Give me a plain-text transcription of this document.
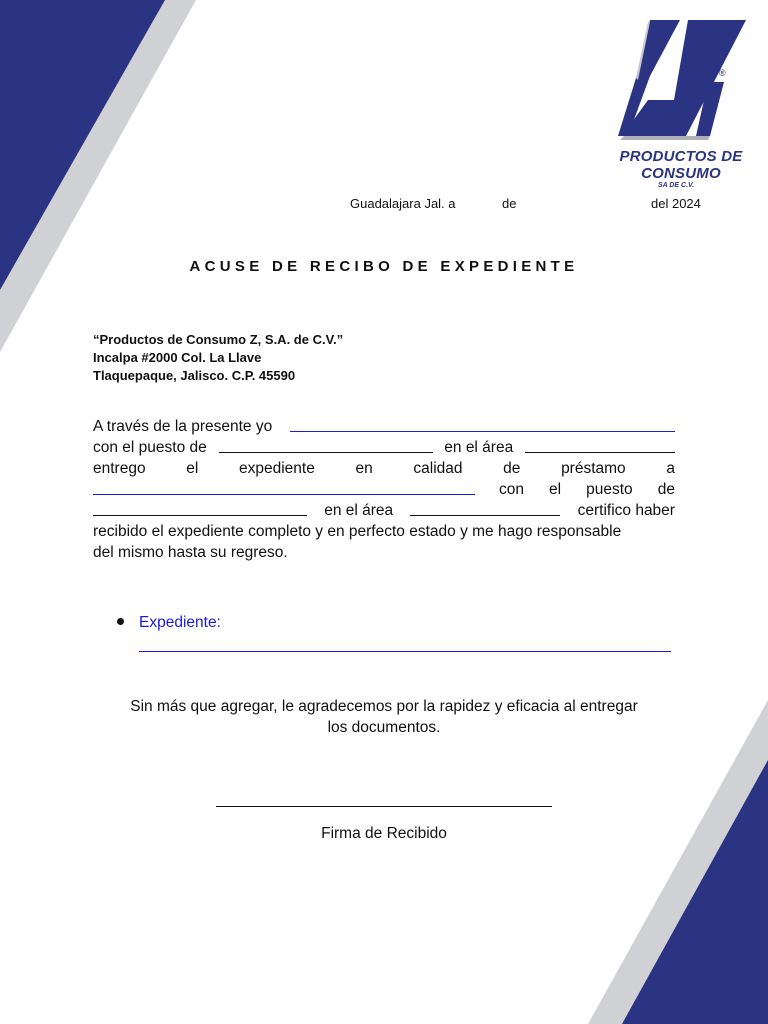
®
PRODUCTOS DE
CONSUMO
SA DE C.V.
Guadalajara Jal. a	de	del 2024
ACUSE DE RECIBO DE EXPEDIENTE
“Productos de Consumo Z, S.A. de C.V.”
Incalpa #2000 Col. La Llave
Tlaquepaque, Jalisco. C.P. 45590
A través de la presente yo
con el puesto de	en el área
entrego	el	expediente	en	calidad	de	préstamo	a
con el puesto de
en el área	certifico haber
recibido el expediente completo y en perfecto estado y me hago responsable
del mismo hasta su regreso.
Expediente:
Sin más que agregar, le agradecemos por la rapidez y eficacia al entregar
los documentos.
Firma de Recibido
